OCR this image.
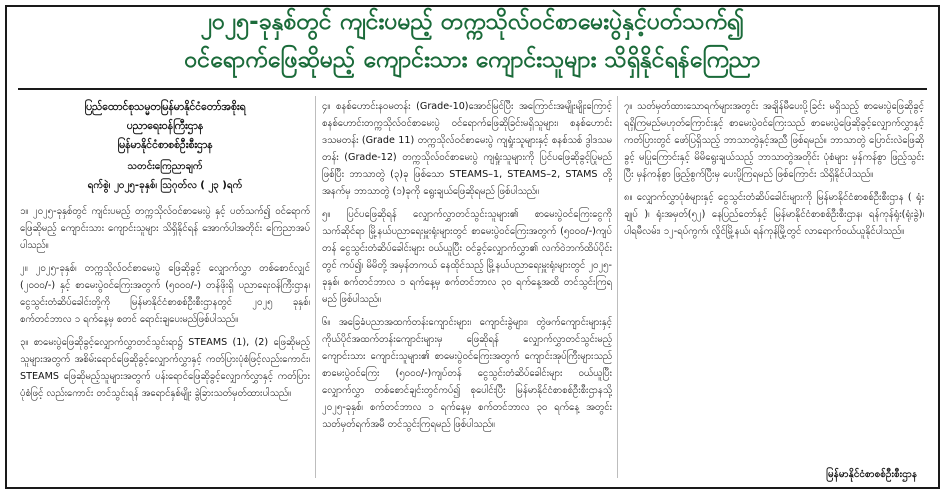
၂၀၂၅-ခုနှစ်တွင် ကျင်းပမည့် တက္ကသိုလ်ဝင်စာမေးပွဲနှင့်ပတ်သက်၍
ဝင်ရောက်ဖြေဆိုမည့် ကျောင်းသား ကျောင်းသူများ သိရှိနိုင်ရန်ကြေညာ
ပြည်ထောင်စုသမ္မတမြန်မာနိုင်ငံတော်အစိုးရ
ပညာရေးဝန်ကြီးဌာန
မြန်မာနိုင်ငံစာစစ်ဦးစီးဌာန
သတင်းကြေညာချက်
ရက်စွဲ၊ ၂၀၂၅-ခုနှစ်၊ ဩဂုတ်လ ( ၂၃ )ရက်

၁။ ၂၀၂၅-ခုနှစ်တွင် ကျင်းပမည့် တက္ကသိုလ်ဝင်စာမေးပွဲ နှင့် ပတ်သက်၍ ဝင်ရောက်ဖြေဆိုမည့် ကျောင်းသား ကျောင်းသူများ သိရှိနိုင်ရန် အောက်ပါအတိုင်း ကြေညာအပ်ပါသည်။

၂။ ၂၀၂၅-ခုနှစ်၊ တက္ကသိုလ်ဝင်စာမေးပွဲ ဖြေဆိုခွင့် လျှောက်လွှာ တစ်စောင်လျှင် (၂၀၀၀/-) နှင့် စာမေးပွဲဝင်ကြေးအတွက် (၅၀၀၀/-) တန်ဖိုးရှိ ပညာရေးဝန်ကြီးဌာန၊ ငွေသွင်းတံဆိပ်ခေါင်းတို့ကို မြန်မာနိုင်ငံစာစစ်ဦးစီးဌာနတွင် ၂၀၂၅ ခုနှစ်၊ စက်တင်ဘာလ ၁ ရက်နေ့မှ စတင် ရောင်းချပေးမည်ဖြစ်ပါသည်။

၃။ စာမေးပွဲဖြေဆိုခွင့်လျှောက်လွှာတင်သွင်းရာ၌ STEAMS (1), (2) ဖြေဆိုမည့်သူများအတွက် အစိမ်းရောင်ဖြေဆိုခွင့်လျှောက်လွှာနှင့် ကတ်ပြားပုံစံဖြင့်လည်းကောင်း၊ STEAMS ဖြေဆိုမည့်သူများအတွက် ပန်းရောင်ဖြေဆိုခွင့်လျှောက်လွှာနှင့် ကတ်ပြားပုံစံဖြင့် လည်းကောင်း တင်သွင်းရန် အရောင်နှစ်မျိုး ခွဲခြားသတ်မှတ်ထားပါသည်။

၄။ စနစ်ဟောင်းနဝမတန်း (Grade-10)အောင်မြင်ပြီး အကြောင်းအမျိုးမျိုးကြောင့် စနစ်ဟောင်းတက္ကသိုလ်ဝင်စာမေးပွဲ ဝင်ရောက်ဖြေဆိုခြင်းမရှိသူများ၊ စနစ်ဟောင်း ဒသမတန်း (Grade 11) တက္ကသိုလ်ဝင်စာမေးပွဲ ကျရှုံးသူများနှင့် စနစ်သစ် ဒွါဒသမတန်း (Grade-12) တက္ကသိုလ်ဝင်စာမေးပွဲ ကျရှုံးသူများကို ပြင်ပဖြေဆိုခွင့်ပြုမည်ဖြစ်ပြီး ဘာသာတွဲ (၃)ခု ဖြစ်သော STEAMS–1, STEAMS–2, STAMS တို့အနက်မှ ဘာသာတွဲ (၁)ခုကို ရွေးချယ်ဖြေဆိုရမည် ဖြစ်ပါသည်။

၅။ ပြင်ပဖြေဆိုရန် လျှောက်လွှာတင်သွင်းသူများ၏ စာမေးပွဲဝင်ကြေးငွေကို သက်ဆိုင်ရာ မြို့နယ်ပညာရေးမှူးရုံးများတွင် စာမေးပွဲဝင်ကြေးအတွက် (၅၀၀၀/-)ကျပ်တန် ငွေသွင်းတံဆိပ်ခေါင်းများ ဝယ်ယူပြီး ဝင်ခွင့်လျှောက်လွှာ၏ လက်ဝဲဘက်ထိပ်ပိုင်းတွင် ကပ်၍၊ မိမိတို့ အမှန်တကယ် နေထိုင်သည့် မြို့နယ်ပညာရေးမှူးရုံးများတွင် ၂၀၂၅-ခုနှစ်၊ စက်တင်ဘာလ ၁ ရက်နေ့မှ စက်တင်ဘာလ ၃၀ ရက်နေ့အထိ တင်သွင်းကြရမည် ဖြစ်ပါသည်။

၆။ အခြေခံပညာအထက်တန်းကျောင်းများ၊ ကျောင်းခွဲများ၊ တွဲဖက်ကျောင်းများနှင့် ကိုယ်ပိုင်အထက်တန်းကျောင်းများမှ ဖြေဆိုရန် လျှောက်လွှာတင်သွင်းမည့် ကျောင်းသား ကျောင်းသူများ၏ စာမေးပွဲဝင်ကြေးအတွက် ကျောင်းအုပ်ကြီးများသည် စာမေးပွဲဝင်ကြေး (၅၀၀၀/-)ကျပ်တန် ငွေသွင်းတံဆိပ်ခေါင်းများ ဝယ်ယူပြီး လျှောက်လွှာ တစ်စောင်ချင်းတွင်ကပ်၍ စုပေါင်းပြီး မြန်မာနိုင်ငံစာစစ်ဦးစီးဌာနသို့ ၂၀၂၅-ခုနှစ်၊ စက်တင်ဘာလ ၁ ရက်နေ့မှ စက်တင်ဘာလ ၃၀ ရက်နေ့ အတွင်း သတ်မှတ်ရက်အမီ တင်သွင်းကြရမည် ဖြစ်ပါသည်။

၇။ သတ်မှတ်ထားသောရက်များအတွင်း အချိန်မီပေးပို့ခြင်း မရှိသည့် စာမေးပွဲဖြေဆိုခွင့် ရရှိကြမည်မဟုတ်ကြောင်းနှင့် စာမေးပွဲဝင်ကြေးသည် စာမေးပွဲဖြေဆိုခွင့်လျှောက်လွှာနှင့် ကတ်ပြားတွင် ဖော်ပြရှိသည့် ဘာသာတွဲနှင့်အညီ ဖြစ်ရမည်။ ဘာသာတွဲ ပြောင်းလဲဖြေဆိုခွင့် မပြုကြောင်းနှင့် မိမိရွေးချယ်သည့် ဘာသာတွဲအတိုင်း ပုံစံများ မှန်ကန်စွာ ဖြည့်သွင်းပြီး မှန်ကန်စွာ ဖြည့်စွက်ပြီးမှ ပေးပို့ကြရမည် ဖြစ်ကြောင်း သိရှိနိုင်ပါသည်။

၈။ လျှောက်လွှာပုံစံများနှင့် ငွေသွင်းတံဆိပ်ခေါင်းများကို မြန်မာနိုင်ငံစာစစ်ဦးစီးဌာန ( ရုံးချုပ် )၊ ရုံးအမှတ်(၅၂) နေပြည်တော်နှင့် မြန်မာနိုင်ငံစာစစ်ဦးစီးဌာန၊ ရန်ကုန်ရုံး(ရုံးခွဲ)၊ ပါရမီလမ်း၊ ၁၂-ရပ်ကွက်၊ လှိုင်မြို့နယ်၊ ရန်ကုန်မြို့တွင် လာရောက်ဝယ်ယူနိုင်ပါသည်။

မြန်မာနိုင်ငံစာစစ်ဦးစီးဌာန
